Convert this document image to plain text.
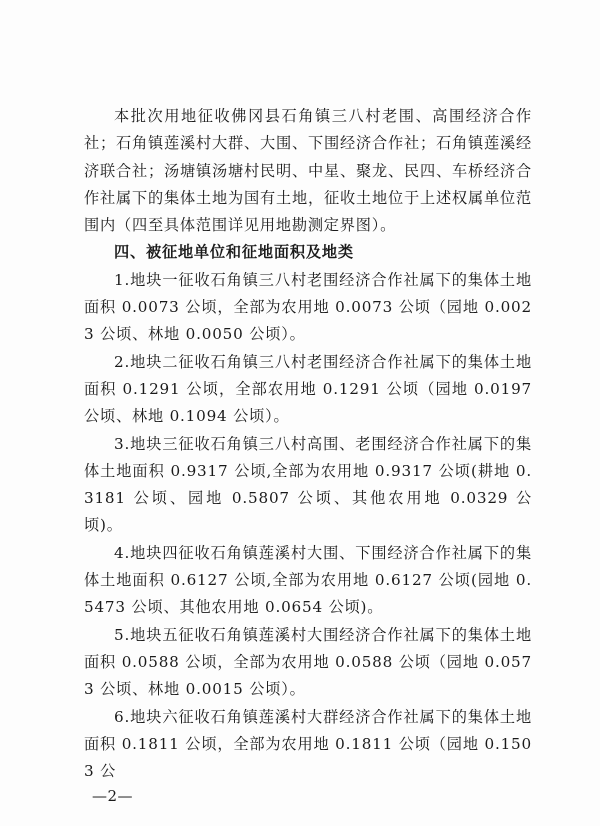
本批次用地征收佛冈县石角镇三八村老围、高围经济合作社；石角镇莲溪村大群、大围、下围经济合作社；石角镇莲溪经济联合社；汤塘镇汤塘村民明、中星、聚龙、民四、车桥经济合作社属下的集体土地为国有土地，征收土地位于上述权属单位范围内（四至具体范围详见用地勘测定界图）。

四、被征地单位和征地面积及地类

1.地块一征收石角镇三八村老围经济合作社属下的集体土地面积 0.0073 公顷，全部为农用地 0.0073 公顷（园地 0.0023 公顷、林地 0.0050 公顷）。

2.地块二征收石角镇三八村老围经济合作社属下的集体土地面积 0.1291 公顷，全部农用地 0.1291 公顷（园地 0.0197 公顷、林地 0.1094 公顷）。

3.地块三征收石角镇三八村高围、老围经济合作社属下的集体土地面积 0.9317 公顷,全部为农用地 0.9317 公顷(耕地 0.3181 公顷、园地 0.5807 公顷、其他农用地 0.0329 公顷)。

4.地块四征收石角镇莲溪村大围、下围经济合作社属下的集体土地面积 0.6127 公顷,全部为农用地 0.6127 公顷(园地 0.5473 公顷、其他农用地 0.0654 公顷)。

5.地块五征收石角镇莲溪村大围经济合作社属下的集体土地面积 0.0588 公顷，全部为农用地 0.0588 公顷（园地 0.0573 公顷、林地 0.0015 公顷）。

6.地块六征收石角镇莲溪村大群经济合作社属下的集体土地面积 0.1811 公顷，全部为农用地 0.1811 公顷（园地 0.1503 公

—2—
